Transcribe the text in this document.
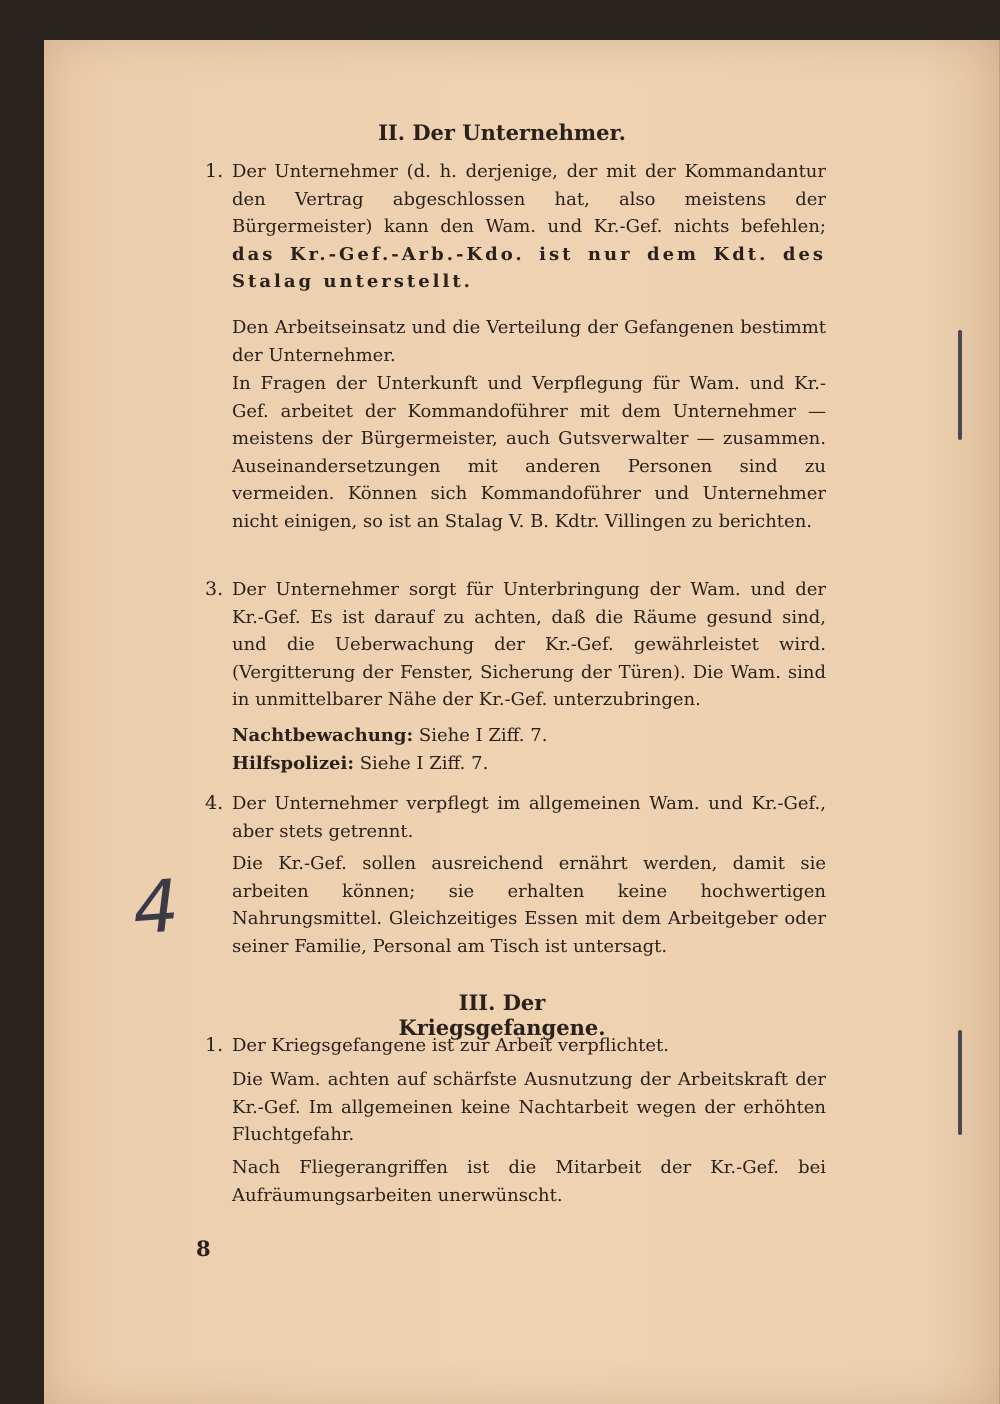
II. Der Unternehmer.
1. Der Unternehmer (d. h. derjenige, der mit der Kommandantur den Vertrag abgeschlossen hat, also meistens der Bürgermeister) kann den Wam. und Kr.-Gef. nichts befehlen; das Kr.-Gef.-Arb.-Kdo. ist nur dem Kdt. des Stalag unterstellt.

Den Arbeitseinsatz und die Verteilung der Gefangenen bestimmt der Unternehmer.

In Fragen der Unterkunft und Verpflegung für Wam. und Kr.-Gef. arbeitet der Kommandoführer mit dem Unternehmer — meistens der Bürgermeister, auch Gutsverwalter — zusammen. Auseinandersetzungen mit anderen Personen sind zu vermeiden. Können sich Kommandoführer und Unternehmer nicht einigen, so ist an Stalag V. B. Kdtr. Villingen zu berichten.

3. Der Unternehmer sorgt für Unterbringung der Wam. und der Kr.-Gef. Es ist darauf zu achten, daß die Räume gesund sind, und die Ueberwachung der Kr.-Gef. gewährleistet wird. (Vergitterung der Fenster, Sicherung der Türen). Die Wam. sind in unmittelbarer Nähe der Kr.-Gef. unterzubringen.

Nachtbewachung: Siehe I Ziff. 7.

Hilfspolizei: Siehe I Ziff. 7.

4. Der Unternehmer verpflegt im allgemeinen Wam. und Kr.-Gef., aber stets getrennt.

Die Kr.-Gef. sollen ausreichend ernährt werden, damit sie arbeiten können; sie erhalten keine hochwertigen Nahrungsmittel. Gleichzeitiges Essen mit dem Arbeitgeber oder seiner Familie, Personal am Tisch ist untersagt.

4
III. Der Kriegsgefangene.
1. Der Kriegsgefangene ist zur Arbeit verpflichtet.

Die Wam. achten auf schärfste Ausnutzung der Arbeitskraft der Kr.-Gef. Im allgemeinen keine Nachtarbeit wegen der erhöhten Fluchtgefahr.

Nach Fliegerangriffen ist die Mitarbeit der Kr.-Gef. bei Aufräumungsarbeiten unerwünscht.

8
